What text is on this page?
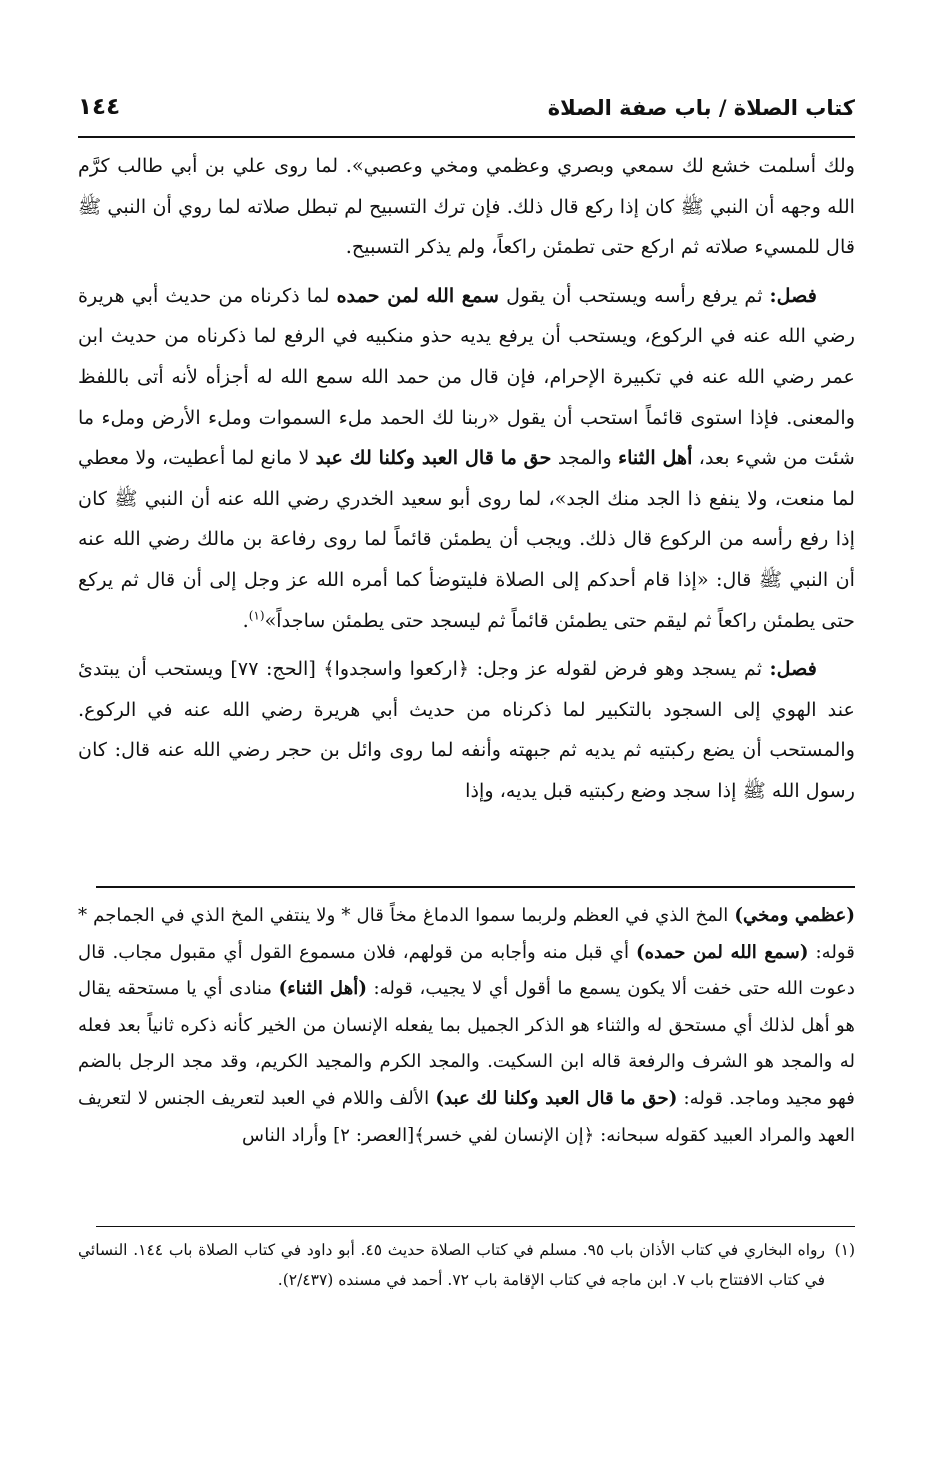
كتاب الصلاة / باب صفة الصلاة
١٤٤

ولك أسلمت خشع لك سمعي وبصري وعظمي ومخي وعصبي». لما روى علي بن أبي طالب كرَّم الله وجهه أن النبي ﷺ كان إذا ركع قال ذلك. فإن ترك التسبيح لم تبطل صلاته لما روي أن النبي ﷺ قال للمسيء صلاته ثم اركع حتى تطمئن راكعاً، ولم يذكر التسبيح.

فصل: ثم يرفع رأسه ويستحب أن يقول سمع الله لمن حمده لما ذكرناه من حديث أبي هريرة رضي الله عنه في الركوع، ويستحب أن يرفع يديه حذو منكبيه في الرفع لما ذكرناه من حديث ابن عمر رضي الله عنه في تكبيرة الإحرام، فإن قال من حمد الله سمع الله له أجزأه لأنه أتى باللفظ والمعنى. فإذا استوى قائماً استحب أن يقول «ربنا لك الحمد ملء السموات وملء الأرض وملء ما شئت من شيء بعد، أهل الثناء والمجد حق ما قال العبد وكلنا لك عبد لا مانع لما أعطيت، ولا معطي لما منعت، ولا ينفع ذا الجد منك الجد»، لما روى أبو سعيد الخدري رضي الله عنه أن النبي ﷺ كان إذا رفع رأسه من الركوع قال ذلك. ويجب أن يطمئن قائماً لما روى رفاعة بن مالك رضي الله عنه أن النبي ﷺ قال: «إذا قام أحدكم إلى الصلاة فليتوضأ كما أمره الله عز وجل إلى أن قال ثم يركع حتى يطمئن راكعاً ثم ليقم حتى يطمئن قائماً ثم ليسجد حتى يطمئن ساجداً»$^{(١)}$.

فصل: ثم يسجد وهو فرض لقوله عز وجل: ﴿اركعوا واسجدوا﴾ [الحج: ٧٧] ويستحب أن يبتدئ عند الهوي إلى السجود بالتكبير لما ذكرناه من حديث أبي هريرة رضي الله عنه في الركوع. والمستحب أن يضع ركبتيه ثم يديه ثم جبهته وأنفه لما روى وائل بن حجر رضي الله عنه قال: كان رسول الله ﷺ إذا سجد وضع ركبتيه قبل يديه، وإذا

(عظمي ومخي) المخ الذي في العظم ولربما سموا الدماغ مخاً قال * ولا ينتفي المخ الذي في الجماجم * قوله: (سمع الله لمن حمده) أي قبل منه وأجابه من قولهم، فلان مسموع القول أي مقبول مجاب. قال دعوت الله حتى خفت ألا يكون يسمع ما أقول أي لا يجيب، قوله: (أهل الثناء) منادى أي يا مستحقه يقال هو أهل لذلك أي مستحق له والثناء هو الذكر الجميل بما يفعله الإنسان من الخير كأنه ذكره ثانياً بعد فعله له والمجد هو الشرف والرفعة قاله ابن السكيت. والمجد الكرم والمجيد الكريم، وقد مجد الرجل بالضم فهو مجيد وماجد. قوله: (حق ما قال العبد وكلنا لك عبد) الألف واللام في العبد لتعريف الجنس لا لتعريف العهد والمراد العبيد كقوله سبحانه: ﴿إن الإنسان لفي خسر﴾[العصر: ٢] وأراد الناس

(١)رواه البخاري في كتاب الأذان باب ٩٥. مسلم في كتاب الصلاة حديث ٤٥. أبو داود في كتاب الصلاة باب ١٤٤. النسائي في كتاب الافتتاح باب ٧. ابن ماجه في كتاب الإقامة باب ٧٢. أحمد في مسنده (٢/٤٣٧).
